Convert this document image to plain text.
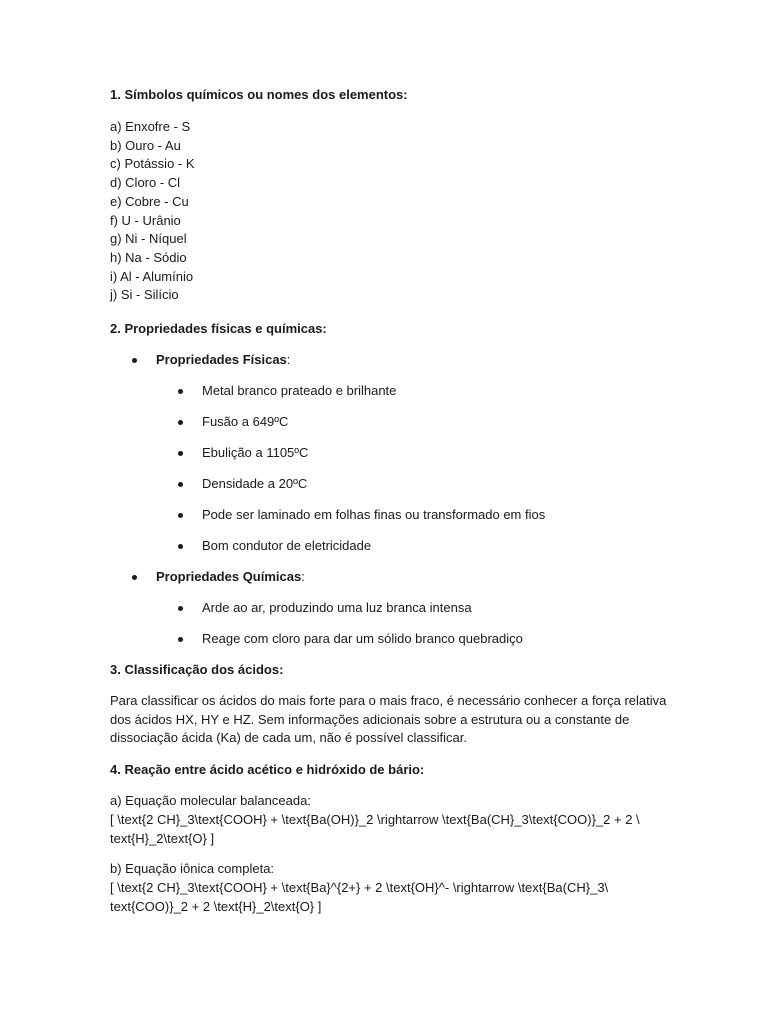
1. Símbolos químicos ou nomes dos elementos:

a) Enxofre - S
b) Ouro - Au
c) Potássio - K
d) Cloro - Cl
e) Cobre - Cu
f) U - Urânio
g) Ni - Níquel
h) Na - Sódio
i) Al - Alumínio
j) Si - Silício

2. Propriedades físicas e químicas:

Propriedades Físicas:
Metal branco prateado e brilhante
Fusão a 649ºC
Ebulição a 1105ºC
Densidade a 20ºC
Pode ser laminado em folhas finas ou transformado em fios
Bom condutor de eletricidade
Propriedades Químicas:
Arde ao ar, produzindo uma luz branca intensa
Reage com cloro para dar um sólido branco quebradiço

3. Classificação dos ácidos:

Para classificar os ácidos do mais forte para o mais fraco, é necessário conhecer a força relativa
dos ácidos HX, HY e HZ. Sem informações adicionais sobre a estrutura ou a constante de
dissociação ácida (Ka) de cada um, não é possível classificar.

4. Reação entre ácido acético e hidróxido de bário:

a) Equação molecular balanceada:
[ \text{2 CH}_3\text{COOH} + \text{Ba(OH)}_2 \rightarrow \text{Ba(CH}_3\text{COO)}_2 + 2 \
text{H}_2\text{O} ]
b) Equação iônica completa:
[ \text{2 CH}_3\text{COOH} + \text{Ba}^{2+} + 2 \text{OH}^- \rightarrow \text{Ba(CH}_3\
text{COO)}_2 + 2 \text{H}_2\text{O} ]
